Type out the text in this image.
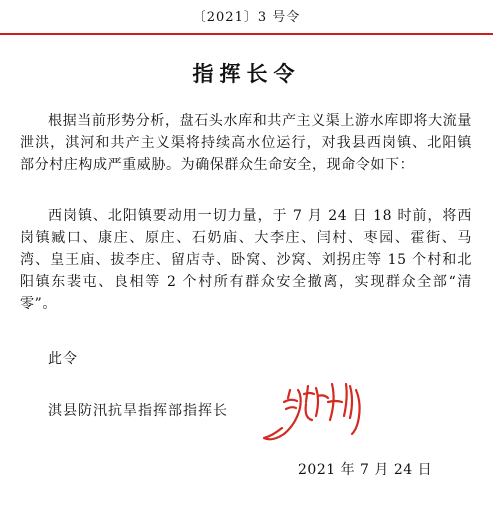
〔2021〕3 号令
指挥长令
根据当前形势分析，盘石头水库和共产主义渠上游水库即将大流量泄洪，淇河和共产主义渠将持续高水位运行，对我县西岗镇、北阳镇部分村庄构成严重威胁。为确保群众生命安全，现命令如下：
西岗镇、北阳镇要动用一切力量，于 7 月 24 日 18 时前，将西岗镇臧口、康庄、原庄、石奶庙、大李庄、闫村、枣园、霍街、马湾、皇王庙、拔李庄、留店寺、卧窝、沙窝、刘拐庄等 15 个村和北阳镇东裴屯、良相等 2 个村所有群众安全撤离，实现群众全部“清零”。
此令
淇县防汛抗旱指挥部指挥长
2021 年 7 月 24 日
